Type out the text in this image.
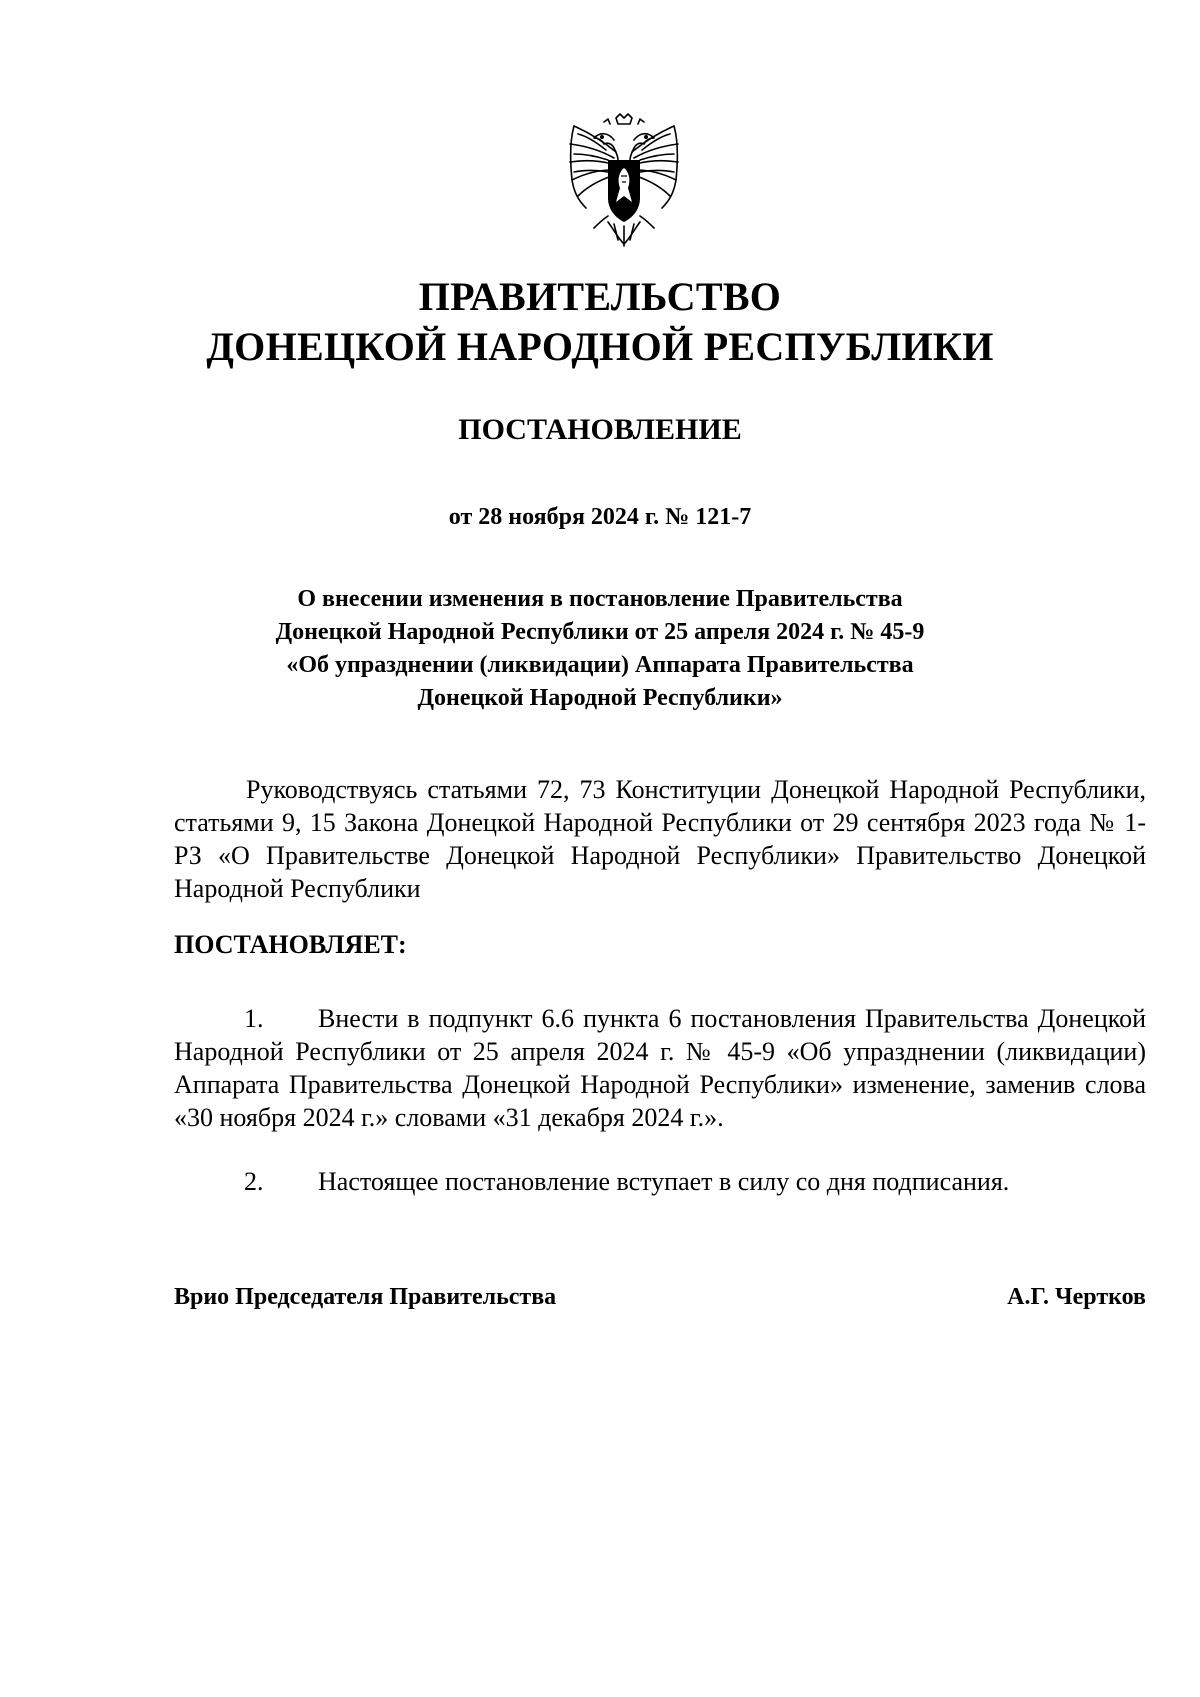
ПРАВИТЕЛЬСТВО
ДОНЕЦКОЙ НАРОДНОЙ РЕСПУБЛИКИ
ПОСТАНОВЛЕНИЕ
от 28 ноября 2024 г. № 121-7
О внесении изменения в постановление Правительства
Донецкой Народной Республики от 25 апреля 2024 г. № 45-9
«Об упразднении (ликвидации) Аппарата Правительства
Донецкой Народной Республики»
Руководствуясь статьями 72, 73 Конституции Донецкой Народной Республики, статьями 9, 15 Закона Донецкой Народной Республики от 29 сентября 2023 года № 1-РЗ «О Правительстве Донецкой Народной Республики» Правительство Донецкой Народной Республики
ПОСТАНОВЛЯЕТ:
1. Внести в подпункт 6.6 пункта 6 постановления Правительства Донецкой Народной Республики от 25 апреля 2024 г. № 45-9 «Об упразднении (ликвидации) Аппарата Правительства Донецкой Народной Республики» изменение, заменив слова «30 ноября 2024 г.» словами «31 декабря 2024 г.».
2. Настоящее постановление вступает в силу со дня подписания.
Врио Председателя Правительства	А.Г. Чертков
